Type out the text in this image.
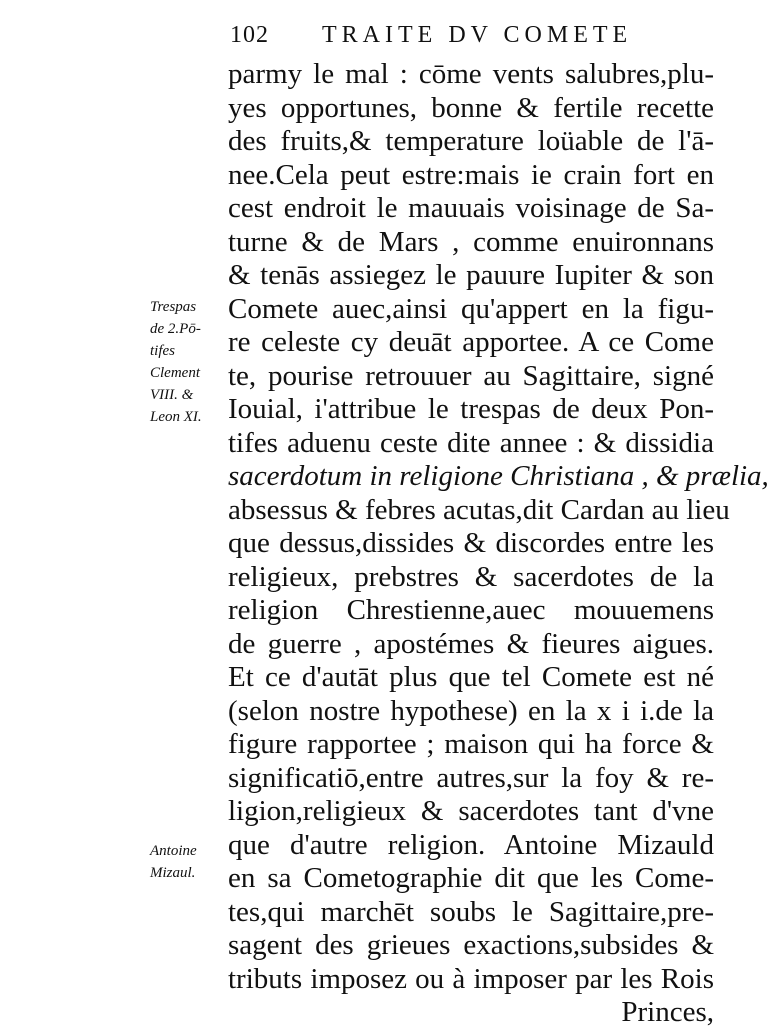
102 TRAITE DV COMETE
parmy le mal : cōme vents salubres,plu-
yes opportunes, bonne & fertile recette
des fruits,& temperature loüable de l'ā-
nee.Cela peut estre:mais ie crain fort en
cest endroit le mauuais voisinage de Sa-
turne & de Mars , comme enuironnans
& tenās assiegez le pauure Iupiter & son
Comete auec,ainsi qu'appert en la figu-
re celeste cy deuāt apportee. A ce Come
te, pourise retrouuer au Sagittaire, signé
Iouial, i'attribue le trespas de deux Pon-
tifes aduenu ceste dite annee : & dissidia
sacerdotum in religione Christiana , & prælia,
absessus & febres acutas,dit Cardan au lieu
que dessus,dissides & discordes entre les
religieux, prebstres & sacerdotes de la
religion Chrestienne,auec mouuemens
de guerre , apostémes & fieures aigues.
Et ce d'autāt plus que tel Comete est né
(selon nostre hypothese) en la x i i.de la
figure rapportee ; maison qui ha force &
significatiō,entre autres,sur la foy & re-
ligion,religieux & sacerdotes tant d'vne
que d'autre religion. Antoine Mizauld
en sa Cometographie dit que les Come-
tes,qui marchēt soubs le Sagittaire,pre-
sagent des grieues exactions,subsides &
tributs imposez ou à imposer par les Rois
Princes,
Trespas
de 2.Pō-
tifes
Clement
VIII. &
Leon XI.
Antoine
Mizaul.
